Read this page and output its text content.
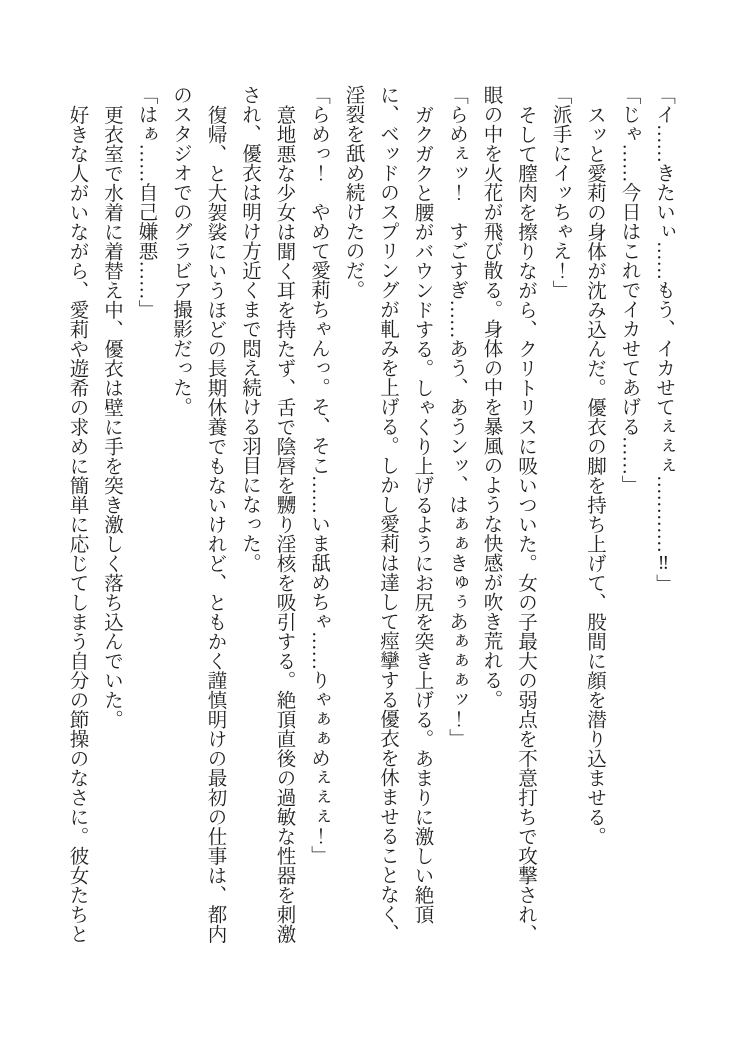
「イ……きたいぃ……もう、イカせてぇぇぇ…………‼」

「じゃ……今日はこれでイカせてあげる……」

スッと愛莉の身体が沈み込んだ。優衣の脚を持ち上げて、股間に顔を潜り込ませる。

「派手にイッちゃえ！」

そして膣肉を擦りながら、クリトリスに吸いついた。女の子最大の弱点を不意打ちで攻撃され、眼の中を火花が飛び散る。身体の中を暴風のような快感が吹き荒れる。

「らめぇッ！　すごすぎ……あう、あうンッ、はぁぁきゅぅあぁぁぁッ！」

ガクガクと腰がバウンドする。しゃくり上げるようにお尻を突き上げる。あまりに激しい絶頂に、ベッドのスプリングが軋みを上げる。しかし愛莉は達して痙攣する優衣を休ませることなく、淫裂を舐め続けたのだ。

「らめっ！　やめて愛莉ちゃんっ。そ、そこ……いま舐めちゃ……りゃぁぁめぇぇぇ！」

意地悪な少女は聞く耳を持たず、舌で陰唇を嬲り淫核を吸引する。絶頂直後の過敏な性器を刺激され、優衣は明け方近くまで悶え続ける羽目になった。

復帰、と大袈裟にいうほどの長期休養でもないけれど、ともかく謹慎明けの最初の仕事は、都内のスタジオでのグラビア撮影だった。

「はぁ……自己嫌悪……」

更衣室で水着に着替え中、優衣は壁に手を突き激しく落ち込んでいた。

好きな人がいながら、愛莉や遊希の求めに簡単に応じてしまう自分の節操のなさに。彼女たちと
